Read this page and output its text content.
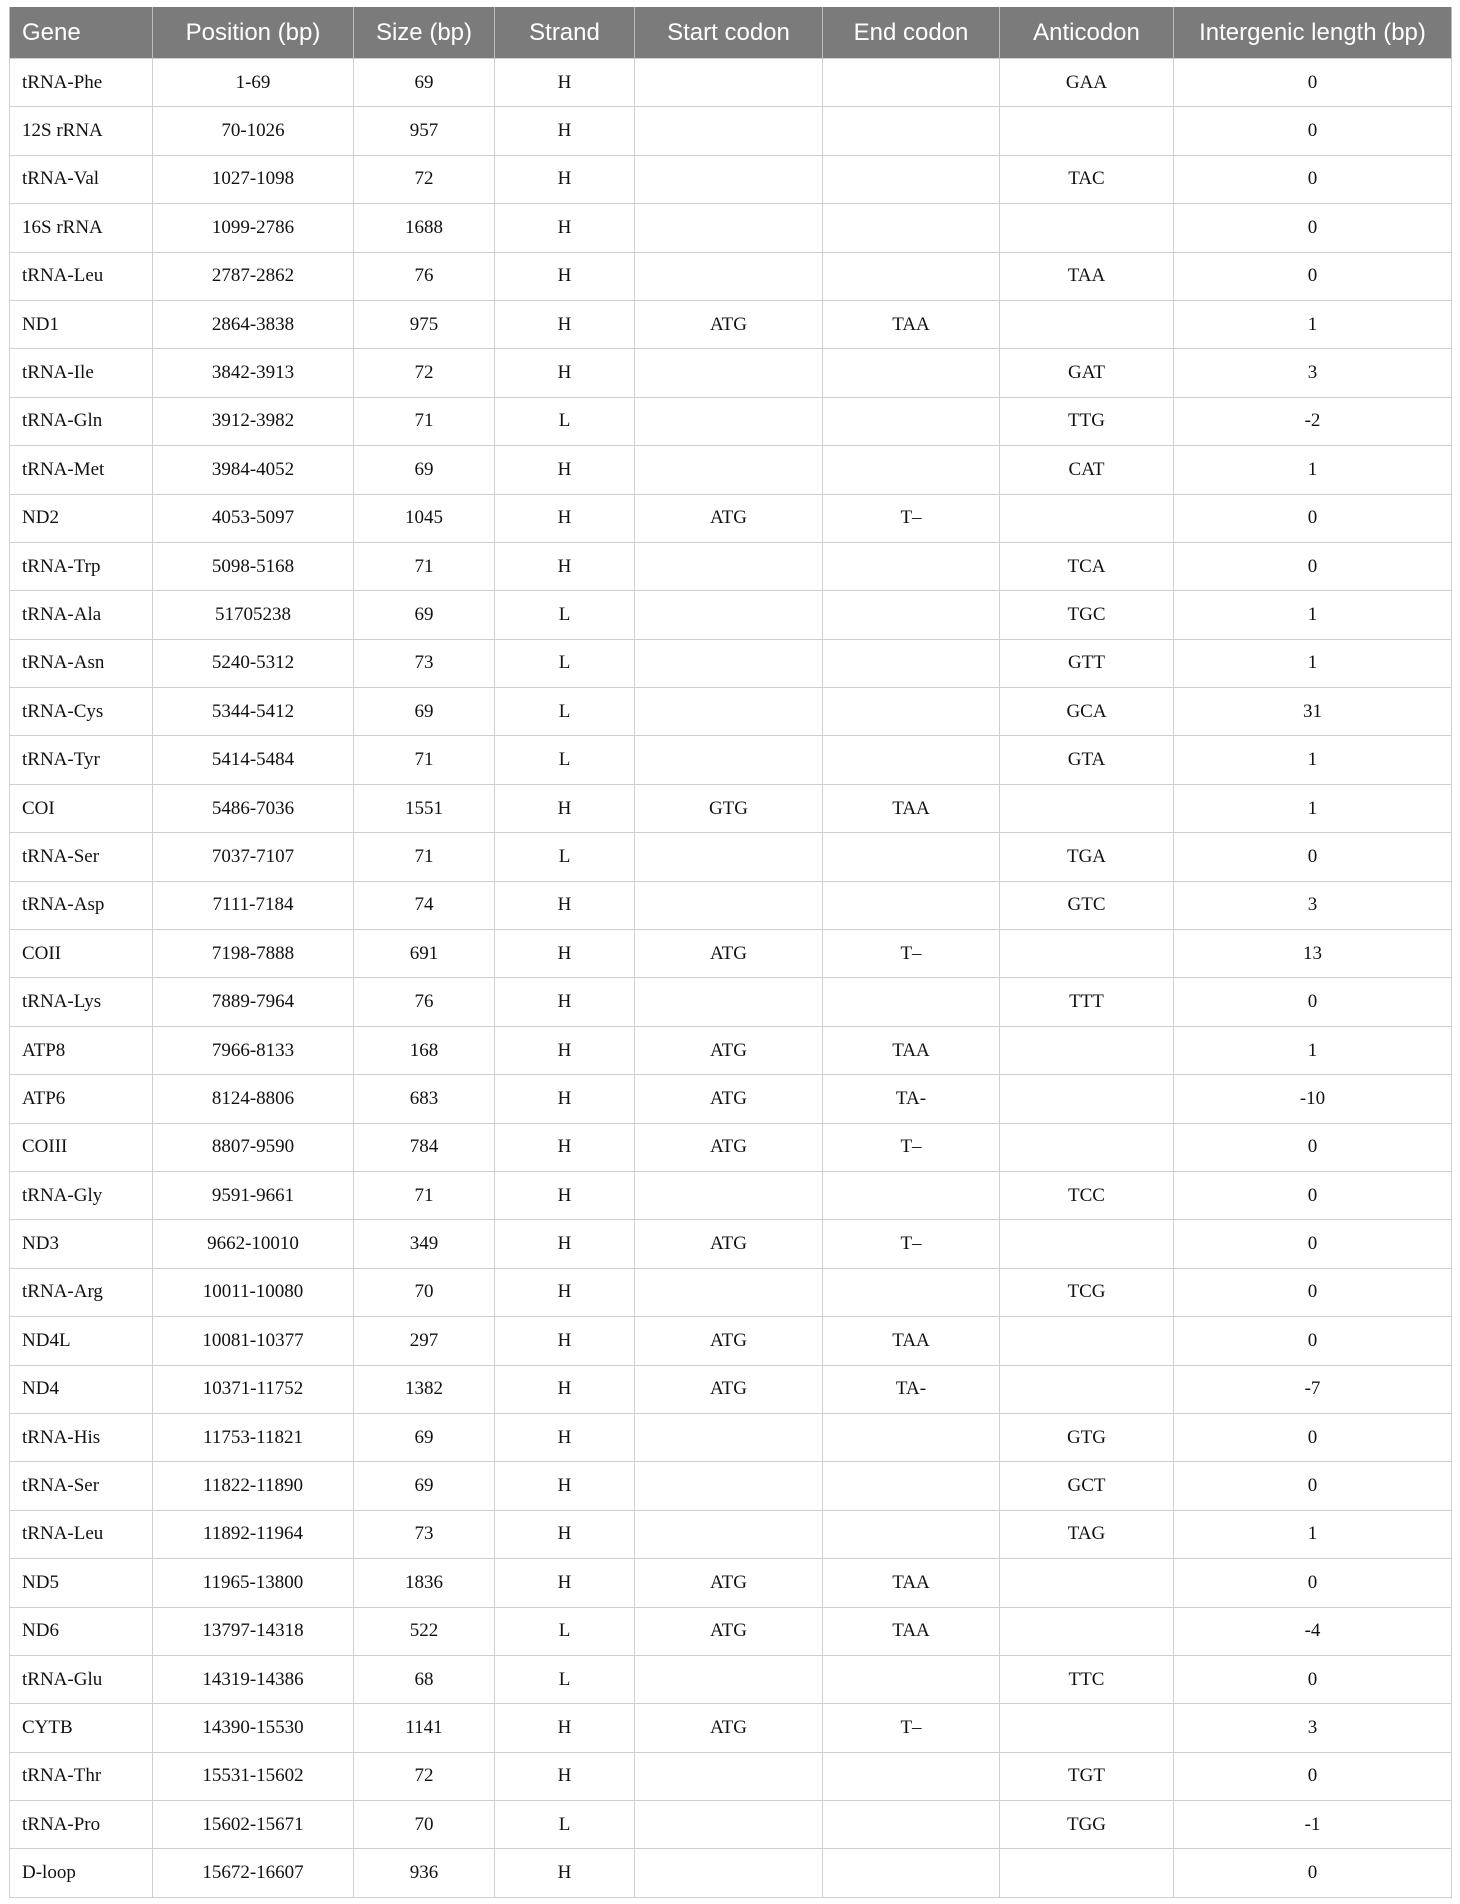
Gene	Position (bp)	Size (bp)	Strand	Start codon	End codon	Anticodon	Intergenic length (bp)
tRNA-Phe	1-69	69	H			GAA	0
12S rRNA	70-1026	957	H				0
tRNA-Val	1027-1098	72	H			TAC	0
16S rRNA	1099-2786	1688	H				0
tRNA-Leu	2787-2862	76	H			TAA	0
ND1	2864-3838	975	H	ATG	TAA		1
tRNA-Ile	3842-3913	72	H			GAT	3
tRNA-Gln	3912-3982	71	L			TTG	-2
tRNA-Met	3984-4052	69	H			CAT	1
ND2	4053-5097	1045	H	ATG	T–		0
tRNA-Trp	5098-5168	71	H			TCA	0
tRNA-Ala	51705238	69	L			TGC	1
tRNA-Asn	5240-5312	73	L			GTT	1
tRNA-Cys	5344-5412	69	L			GCA	31
tRNA-Tyr	5414-5484	71	L			GTA	1
COI	5486-7036	1551	H	GTG	TAA		1
tRNA-Ser	7037-7107	71	L			TGA	0
tRNA-Asp	7111-7184	74	H			GTC	3
COII	7198-7888	691	H	ATG	T–		13
tRNA-Lys	7889-7964	76	H			TTT	0
ATP8	7966-8133	168	H	ATG	TAA		1
ATP6	8124-8806	683	H	ATG	TA-		-10
COIII	8807-9590	784	H	ATG	T–		0
tRNA-Gly	9591-9661	71	H			TCC	0
ND3	9662-10010	349	H	ATG	T–		0
tRNA-Arg	10011-10080	70	H			TCG	0
ND4L	10081-10377	297	H	ATG	TAA		0
ND4	10371-11752	1382	H	ATG	TA-		-7
tRNA-His	11753-11821	69	H			GTG	0
tRNA-Ser	11822-11890	69	H			GCT	0
tRNA-Leu	11892-11964	73	H			TAG	1
ND5	11965-13800	1836	H	ATG	TAA		0
ND6	13797-14318	522	L	ATG	TAA		-4
tRNA-Glu	14319-14386	68	L			TTC	0
CYTB	14390-15530	1141	H	ATG	T–		3
tRNA-Thr	15531-15602	72	H			TGT	0
tRNA-Pro	15602-15671	70	L			TGG	-1
D-loop	15672-16607	936	H				0
